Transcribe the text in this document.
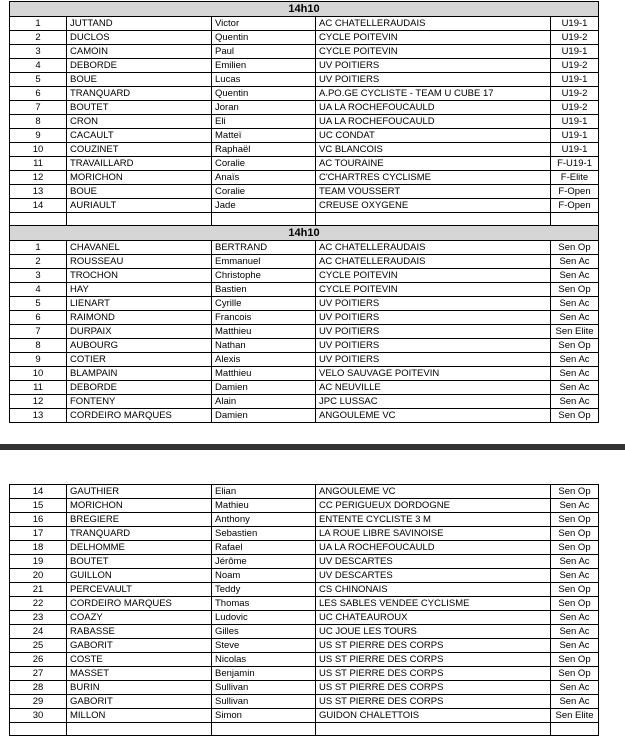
14h10				
1	JUTTAND	Victor	AC CHATELLERAUDAIS	U19-1
2	DUCLOS	Quentin	CYCLE POITEVIN	U19-2
3	CAMOIN	Paul	CYCLE POITEVIN	U19-1
4	DEBORDE	Emilien	UV POITIERS	U19-2
5	BOUE	Lucas	UV POITIERS	U19-1
6	TRANQUARD	Quentin	A.PO.GE CYCLISTE - TEAM U CUBE 17	U19-2
7	BOUTET	Joran	UA LA ROCHEFOUCAULD	U19-2
8	CRON	Eli	UA LA ROCHEFOUCAULD	U19-1
9	CACAULT	Matteï	UC CONDAT	U19-1
10	COUZINET	Raphaël	VC BLANCOIS	U19-1
11	TRAVAILLARD	Coralie	AC TOURAINE	F-U19-1
12	MORICHON	Anaïs	C'CHARTRES CYCLISME	F-Elite
13	BOUE	Coralie	TEAM VOUSSERT	F-Open
14	AURIAULT	Jade	CREUSE OXYGENE	F-Open

14h10				
1	CHAVANEL	BERTRAND	AC CHATELLERAUDAIS	Sen Op
2	ROUSSEAU	Emmanuel	AC CHATELLERAUDAIS	Sen Ac
3	TROCHON	Christophe	CYCLE POITEVIN	Sen Ac
4	HAY	Bastien	CYCLE POITEVIN	Sen Op
5	LIENART	Cyrille	UV POITIERS	Sen Ac
6	RAIMOND	Francois	UV POITIERS	Sen Ac
7	DURPAIX	Matthieu	UV POITIERS	Sen Elite
8	AUBOURG	Nathan	UV POITIERS	Sen Op
9	COTIER	Alexis	UV POITIERS	Sen Ac
10	BLAMPAIN	Matthieu	VELO SAUVAGE POITEVIN	Sen Ac
11	DEBORDE	Damien	AC NEUVILLE	Sen Ac
12	FONTENY	Alain	JPC LUSSAC	Sen Ac
13	CORDEIRO MARQUES	Damien	ANGOULEME VC	Sen Op
14	GAUTHIER	Elian	ANGOULEME VC	Sen Op
15	MORICHON	Mathieu	CC PERIGUEUX DORDOGNE	Sen Ac
16	BREGIERE	Anthony	ENTENTE CYCLISTE 3 M	Sen Op
17	TRANQUARD	Sebastien	LA ROUE LIBRE SAVINOISE	Sen Op
18	DELHOMME	Rafael	UA LA ROCHEFOUCAULD	Sen Op
19	BOUTET	Jérôme	UV DESCARTES	Sen Ac
20	GUILLON	Noam	UV DESCARTES	Sen Ac
21	PERCEVAULT	Teddy	CS CHINONAIS	Sen Op
22	CORDEIRO MARQUES	Thomas	LES SABLES VENDEE CYCLISME	Sen Op
23	COAZY	Ludovic	UC CHATEAUROUX	Sen Ac
24	RABASSE	Gilles	UC JOUE LES TOURS	Sen Ac
25	GABORIT	Steve	US ST PIERRE DES CORPS	Sen Ac
26	COSTE	Nicolas	US ST PIERRE DES CORPS	Sen Op
27	MASSET	Benjamin	US ST PIERRE DES CORPS	Sen Op
28	BURIN	Sullivan	US ST PIERRE DES CORPS	Sen Ac
29	GABORIT	Sullivan	US ST PIERRE DES CORPS	Sen Ac
30	MILLON	Simon	GUIDON CHALETTOIS	Sen Elite
